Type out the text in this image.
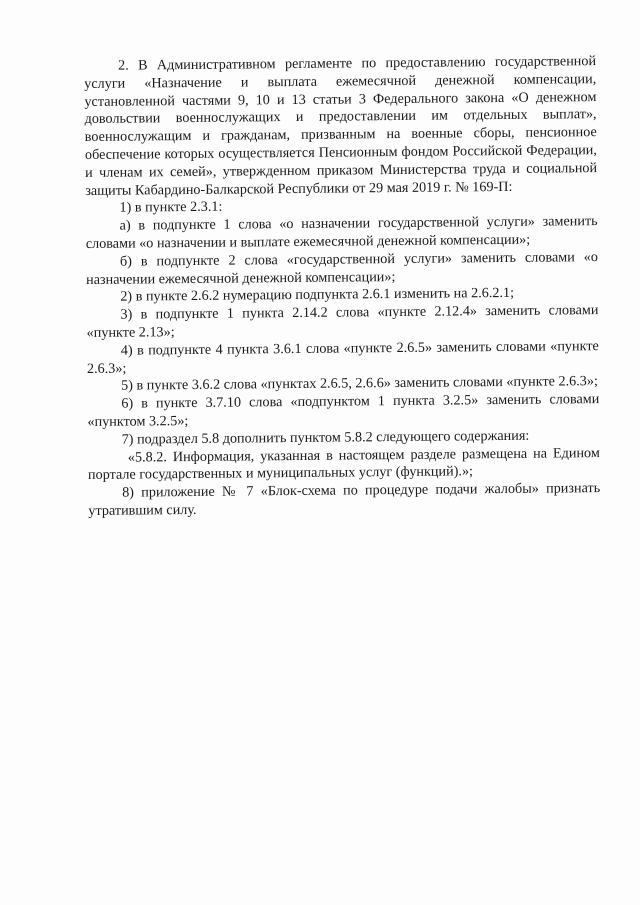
2. В Административном регламенте по предоставлению государственной услуги «Назначение и выплата ежемесячной денежной компенсации, установленной частями 9, 10 и 13 статьи 3 Федерального закона «О денежном довольствии военнослужащих и предоставлении им отдельных выплат», военнослужащим и гражданам, призванным на военные сборы, пенсионное обеспечение которых осуществляется Пенсионным фондом Российской Федерации, и членам их семей», утвержденном приказом Министерства труда и социальной защиты Кабардино-Балкарской Республики от 29 мая 2019 г. № 169-П:

1) в пункте 2.3.1:

а) в подпункте 1 слова «о назначении государственной услуги» заменить словами «о назначении и выплате ежемесячной денежной компенсации»;

б) в подпункте 2 слова «государственной услуги» заменить словами «о назначении ежемесячной денежной компенсации»;

2) в пункте 2.6.2 нумерацию подпункта 2.6.1 изменить на 2.6.2.1;

3) в подпункте 1 пункта 2.14.2 слова «пункте 2.12.4» заменить словами «пункте 2.13»;

4) в подпункте 4 пункта 3.6.1 слова «пункте 2.6.5» заменить словами «пункте 2.6.3»;

5) в пункте 3.6.2 слова «пунктах 2.6.5, 2.6.6» заменить словами «пункте 2.6.3»;

6) в пункте 3.7.10 слова «подпунктом 1 пункта 3.2.5» заменить словами «пунктом 3.2.5»;

7) подраздел 5.8 дополнить пунктом 5.8.2 следующего содержания:

«5.8.2. Информация, указанная в настоящем разделе размещена на Едином портале государственных и муниципальных услуг (функций).»;

8) приложение № 7 «Блок-схема по процедуре подачи жалобы» признать утратившим силу.
